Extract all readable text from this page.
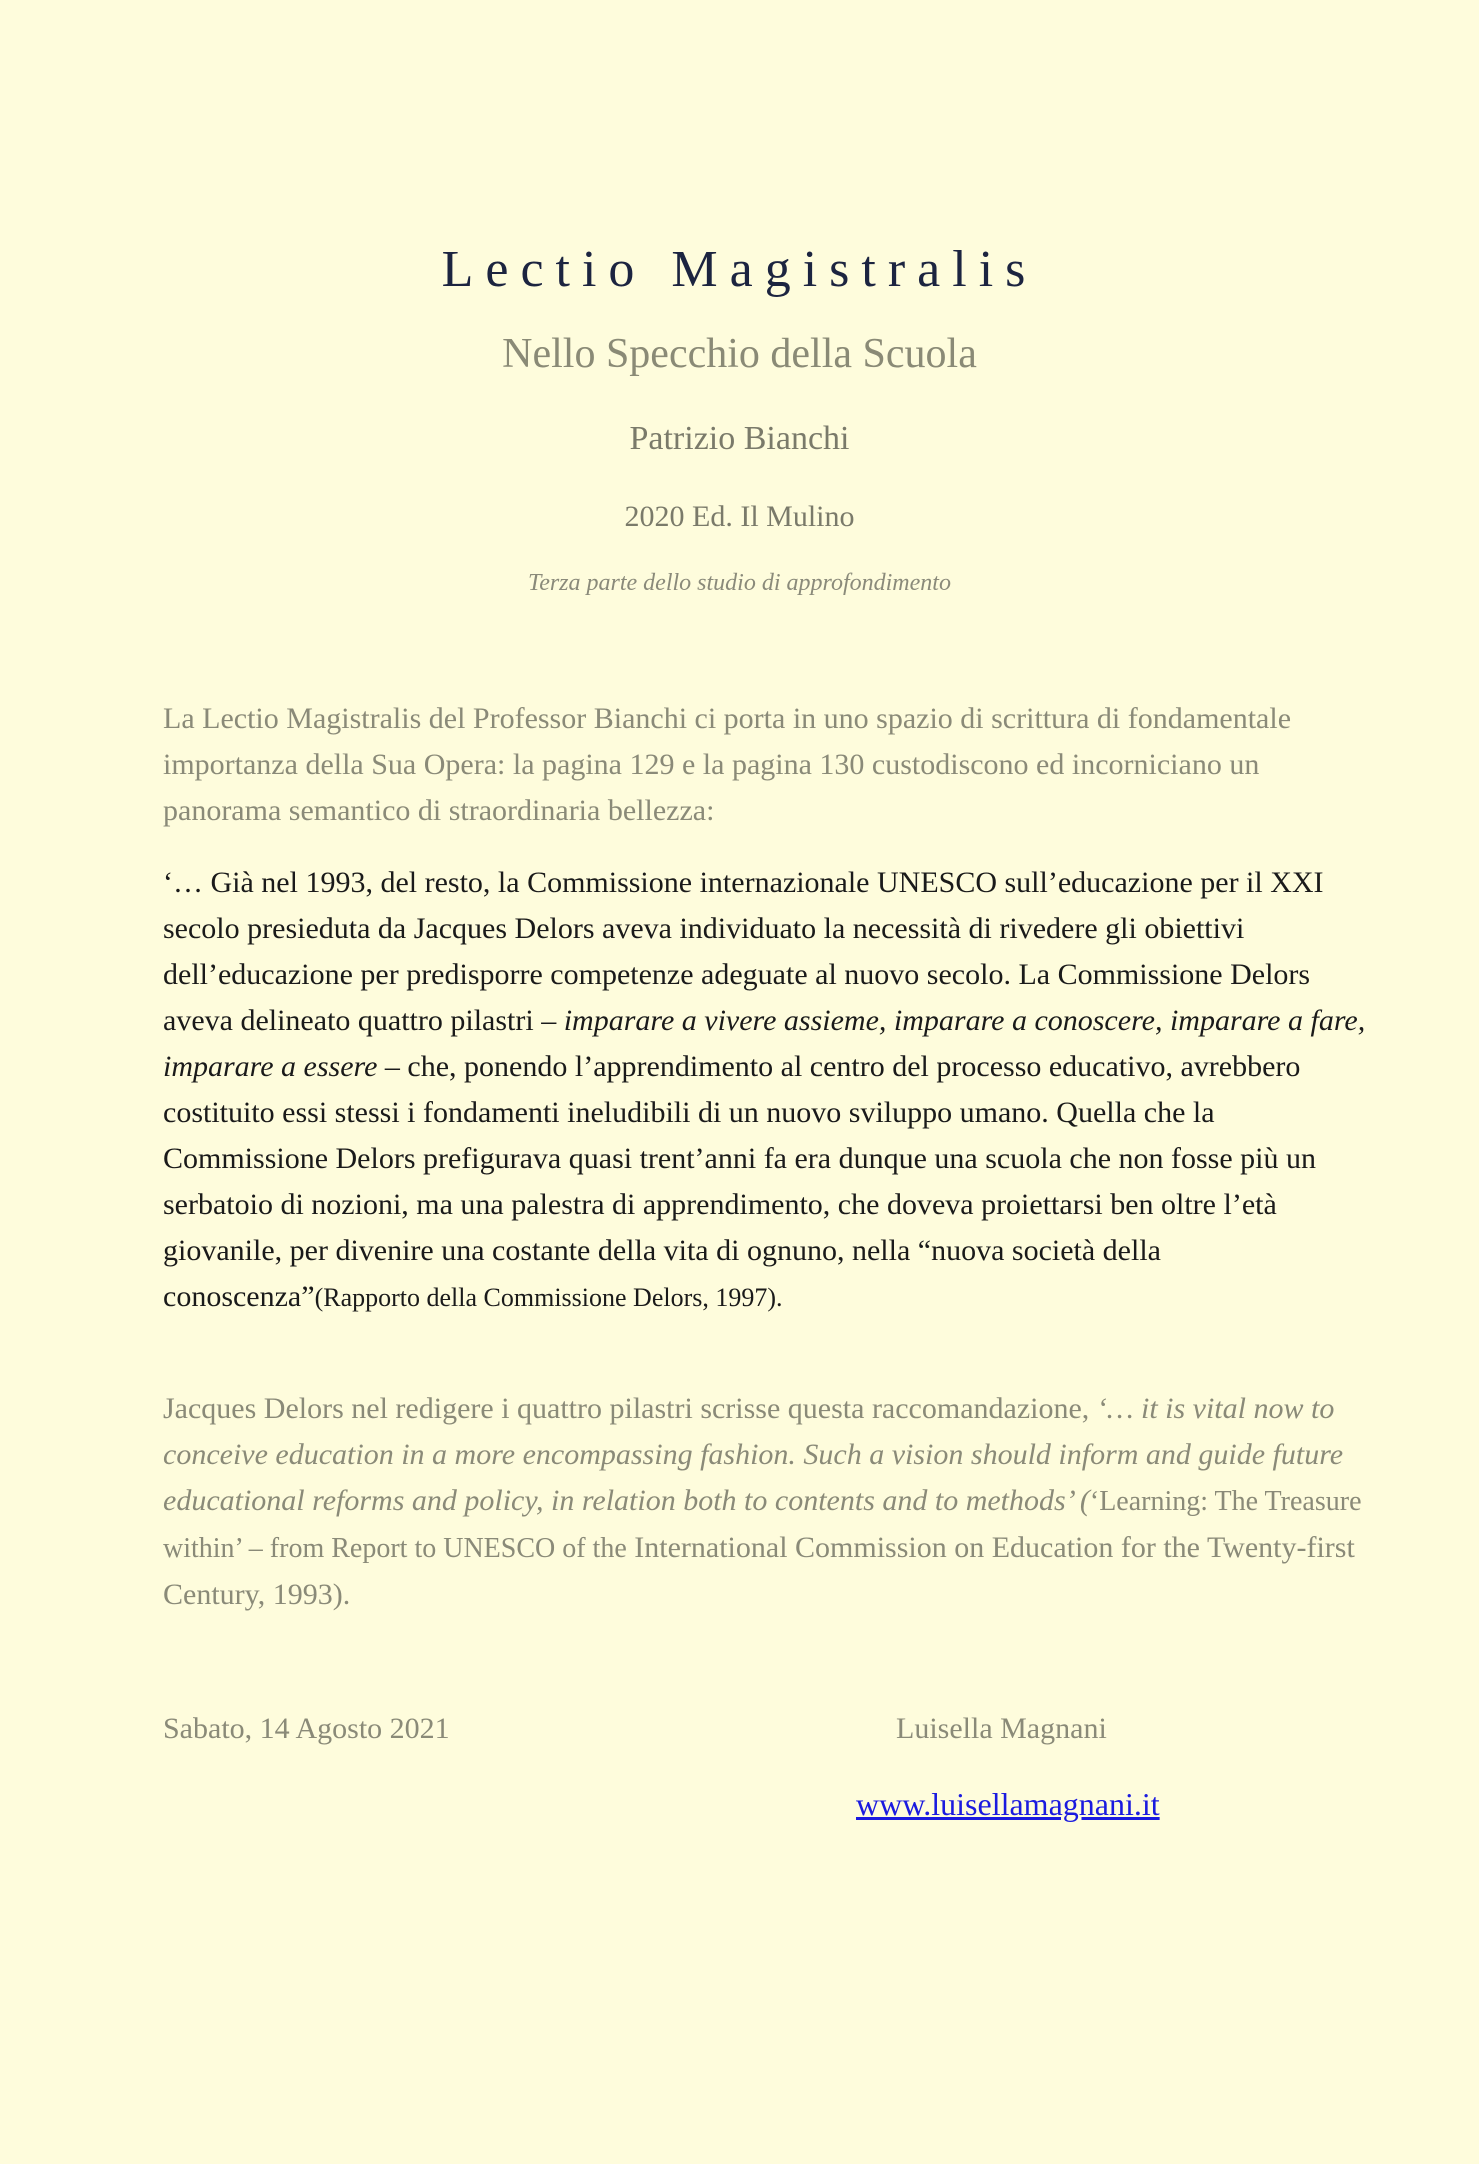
Lectio Magistralis
Nello Specchio della Scuola
Patrizio Bianchi
2020 Ed. Il Mulino
Terza parte dello studio di approfondimento

La Lectio Magistralis del Professor Bianchi ci porta in uno spazio di scrittura di fondamentale importanza della Sua Opera: la pagina 129 e la pagina 130 custodiscono ed incorniciano un panorama semantico di straordinaria bellezza:

‘… Già nel 1993, del resto, la Commissione internazionale UNESCO sull’educazione per il XXI secolo presieduta da Jacques Delors aveva individuato la necessità di rivedere gli obiettivi dell’educazione per predisporre competenze adeguate al nuovo secolo. La Commissione Delors aveva delineato quattro pilastri – imparare a vivere assieme, imparare a conoscere, imparare a fare, imparare a essere – che, ponendo l’apprendimento al centro del processo educativo, avrebbero costituito essi stessi i fondamenti ineludibili di un nuovo sviluppo umano. Quella che la Commissione Delors prefigurava quasi trent’anni fa era dunque una scuola che non fosse più un serbatoio di nozioni, ma una palestra di apprendimento, che doveva proiettarsi ben oltre l’età giovanile, per divenire una costante della vita di ognuno, nella “nuova società della conoscenza”(Rapporto della Commissione Delors, 1997).

Jacques Delors nel redigere i quattro pilastri scrisse questa raccomandazione, ‘… it is vital now to conceive education in a more encompassing fashion. Such a vision should inform and guide future educational reforms and policy, in relation both to contents and to methods’ (‘Learning: The Treasure within’ – from Report to UNESCO of the International Commission on Education for the Twenty-first Century, 1993).

Sabato, 14 Agosto 2021	Luisella Magnani
www.luisellamagnani.it
